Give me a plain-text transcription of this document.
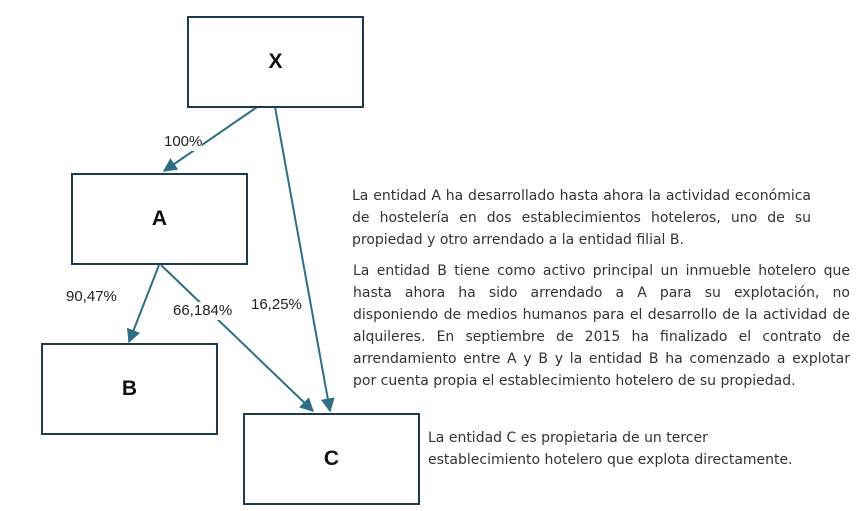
X
A
B
C
100%
90,47%
66,184% 16,25%

La entidad A ha desarrollado hasta ahora la actividad económica de hostelería en dos establecimientos hoteleros, uno de su propiedad y otro arrendado a la entidad filial B.

La entidad B tiene como activo principal un inmueble hotelero que hasta ahora ha sido arrendado a A para su explotación, no disponiendo de medios humanos para el desarrollo de la actividad de alquileres. En septiembre de 2015 ha finalizado el contrato de arrendamiento entre A y B y la entidad B ha comenzado a explotar por cuenta propia el establecimiento hotelero de su propiedad.

La entidad C es propietaria de un tercer establecimiento hotelero que explota directamente.
